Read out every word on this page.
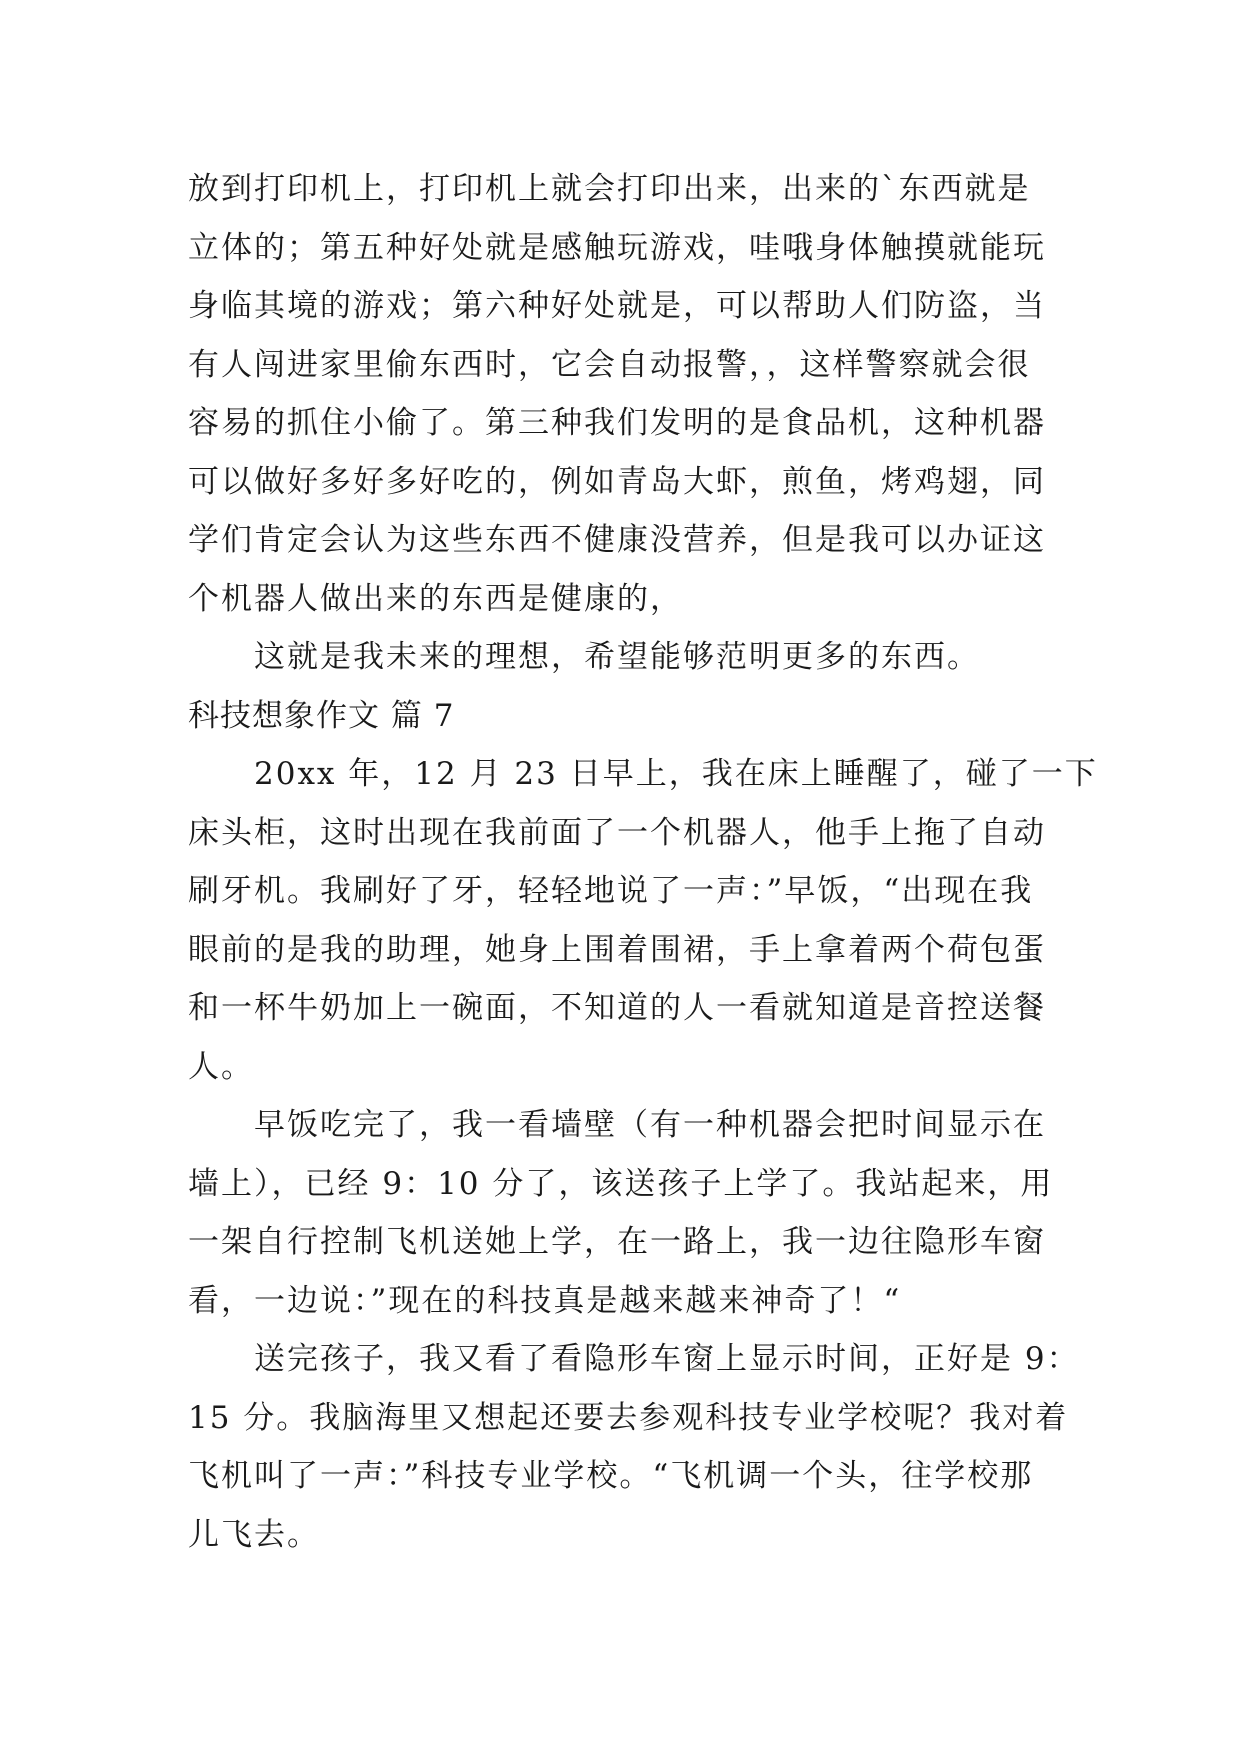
放到打印机上，打印机上就会打印出来，出来的`东西就是
立体的；第五种好处就是感触玩游戏，哇哦身体触摸就能玩
身临其境的游戏；第六种好处就是，可以帮助人们防盗，当
有人闯进家里偷东西时，它会自动报警，，这样警察就会很
容易的抓住小偷了。第三种我们发明的是食品机，这种机器
可以做好多好多好吃的，例如青岛大虾，煎鱼，烤鸡翅，同
学们肯定会认为这些东西不健康没营养，但是我可以办证这
个机器人做出来的东西是健康的，
　　这就是我未来的理想，希望能够范明更多的东西。
科技想象作文 篇 7
　　20xx 年，12 月 23 日早上，我在床上睡醒了，碰了一下
床头柜，这时出现在我前面了一个机器人，他手上拖了自动
刷牙机。我刷好了牙，轻轻地说了一声：”早饭，“出现在我
眼前的是我的助理，她身上围着围裙，手上拿着两个荷包蛋
和一杯牛奶加上一碗面，不知道的人一看就知道是音控送餐
人。
　　早饭吃完了，我一看墙壁（有一种机器会把时间显示在
墙上），已经 9：10 分了，该送孩子上学了。我站起来，用
一架自行控制飞机送她上学，在一路上，我一边往隐形车窗
看，一边说：”现在的科技真是越来越来神奇了！“
　　送完孩子，我又看了看隐形车窗上显示时间，正好是 9：
15 分。我脑海里又想起还要去参观科技专业学校呢？我对着
飞机叫了一声：”科技专业学校。“飞机调一个头，往学校那
儿飞去。
